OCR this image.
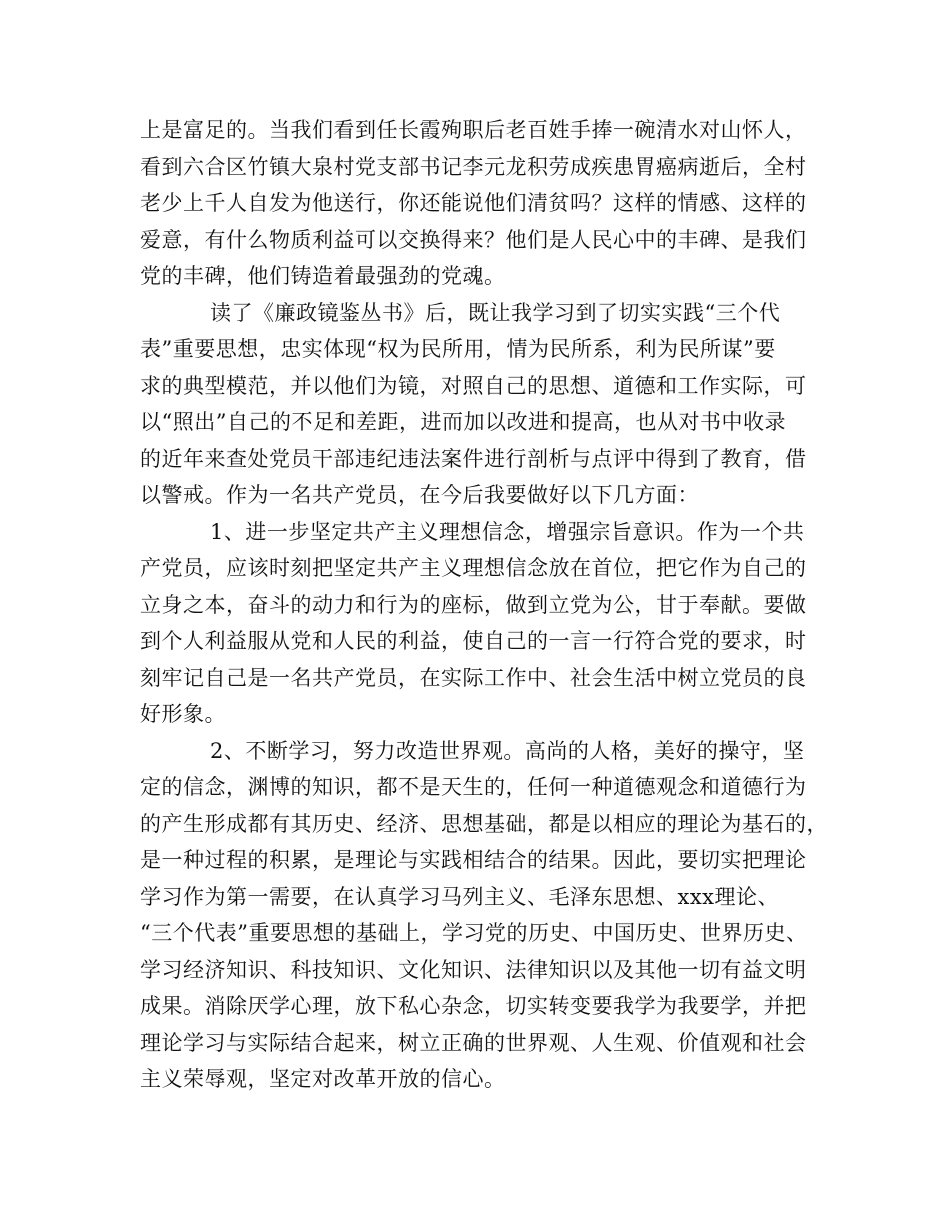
上是富足的。当我们看到任长霞殉职后老百姓手捧一碗清水对山怀人，
看到六合区竹镇大泉村党支部书记李元龙积劳成疾患胃癌病逝后，全村
老少上千人自发为他送行，你还能说他们清贫吗？这样的情感、这样的
爱意，有什么物质利益可以交换得来？他们是人民心中的丰碑、是我们
党的丰碑，他们铸造着最强劲的党魂。
读了《廉政镜鉴丛书》后，既让我学习到了切实实践“三个代
表”重要思想，忠实体现“权为民所用，情为民所系，利为民所谋”要
求的典型模范，并以他们为镜，对照自己的思想、道德和工作实际，可
以“照出”自己的不足和差距，进而加以改进和提高，也从对书中收录
的近年来查处党员干部违纪违法案件进行剖析与点评中得到了教育，借
以警戒。作为一名共产党员，在今后我要做好以下几方面：
1、进一步坚定共产主义理想信念，增强宗旨意识。作为一个共
产党员，应该时刻把坚定共产主义理想信念放在首位，把它作为自己的
立身之本，奋斗的动力和行为的座标，做到立党为公，甘于奉献。要做
到个人利益服从党和人民的利益，使自己的一言一行符合党的要求，时
刻牢记自己是一名共产党员，在实际工作中、社会生活中树立党员的良
好形象。
2、不断学习，努力改造世界观。高尚的人格，美好的操守，坚
定的信念，渊博的知识，都不是天生的，任何一种道德观念和道德行为
的产生形成都有其历史、经济、思想基础，都是以相应的理论为基石的，
是一种过程的积累，是理论与实践相结合的结果。因此，要切实把理论
学习作为第一需要，在认真学习马列主义、毛泽东思想、xxx理论、
“三个代表”重要思想的基础上，学习党的历史、中国历史、世界历史、
学习经济知识、科技知识、文化知识、法律知识以及其他一切有益文明
成果。消除厌学心理，放下私心杂念，切实转变要我学为我要学，并把
理论学习与实际结合起来，树立正确的世界观、人生观、价值观和社会
主义荣辱观，坚定对改革开放的信心。
